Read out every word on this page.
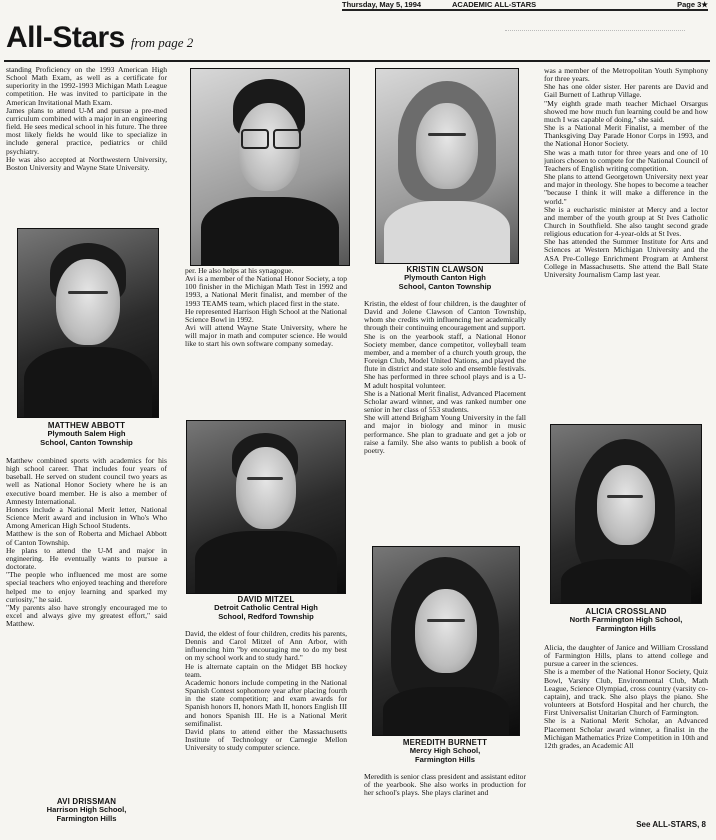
Thursday, May 5, 1994	ACADEMIC ALL-STARS	Page 3★
All-Stars from page 2
standing Proficiency on the 1993 American High School Math Exam, as well as a certificate for superiority in the 1992-1993 Michigan Math League competition. He was invited to participate in the American Invitational Math Exam.
James plans to attend U-M and pursue a pre-med curriculum combined with a major in an engineering field. He sees medical school in his future. The three most likely fields he would like to specialize in include general practice, pediatrics or child psychiatry.
He was also accepted at Northwestern University, Boston University and Wayne State University.
MATTHEW ABBOTT
Plymouth Salem High
School, Canton Township
Matthew combined sports with academics for his high school career. That includes four years of baseball. He served on student council two years as well as National Honor Society where he is an executive board member. He is also a member of Amnesty International.
Honors include a National Merit letter, National Science Merit award and inclusion in Who's Who Among American High School Students.
Matthew is the son of Roberta and Michael Abbott of Canton Township.
He plans to attend the U-M and major in engineering. He eventually wants to pursue a doctorate.
"The people who influenced me most are some special teachers who enjoyed teaching and therefore helped me to enjoy learning and sparked my curiosity," he said.
"My parents also have strongly encouraged me to excel and always give my greatest effort," said Matthew.
AVI DRISSMAN
Harrison High School,
Farmington Hills
per. He also helps at his synagogue.
Avi is a member of the National Honor Society, a top 100 finisher in the Michigan Math Test in 1992 and 1993, a National Merit finalist, and member of the 1993 TEAMS team, which placed first in the state.
He represented Harrison High School at the National Science Bowl in 1992.
Avi will attend Wayne State University, where he will major in math and computer science. He would like to start his own software company someday.
DAVID MITZEL
Detroit Catholic Central High
School, Redford Township
David, the eldest of four children, credits his parents, Dennis and Carol Mitzel of Ann Arbor, with influencing him "by encouraging me to do my best on my school work and to study hard."
He is alternate captain on the Midget BB hockey team.
Academic honors include competing in the National Spanish Contest sophomore year after placing fourth in the state competition; and exam awards for Spanish honors II, honors Math II, honors English III and honors Spanish III. He is a National Merit semifinalist.
David plans to attend either the Massachusetts Institute of Technology or Carnegie Mellon University to study computer science.
KRISTIN CLAWSON
Plymouth Canton High
School, Canton Township
Kristin, the eldest of four children, is the daughter of David and Jolene Clawson of Canton Township, whom she credits with influencing her academically through their continuing encouragement and support.
She is on the yearbook staff, a National Honor Society member, dance competitor, volleyball team member, and a member of a church youth group, the Foreign Club, Model United Nations, and played the flute in district and state solo and ensemble festivals. She has performed in three school plays and is a U-M adult hospital volunteer.
She is a National Merit finalist, Advanced Placement Scholar award winner, and was ranked number one senior in her class of 553 students.
She will attend Brigham Young University in the fall and major in biology and minor in music performance. She plan to graduate and get a job or raise a family. She also wants to publish a book of poetry.
MEREDITH BURNETT
Mercy High School,
Farmington Hills
Meredith is senior class president and assistant editor of the yearbook. She also works in production for her school's plays. She plays clarinet and
was a member of the Metropolitan Youth Symphony for three years.
She has one older sister. Her parents are David and Gail Burnett of Lathrup Village.
"My eighth grade math teacher Michael Orsargus showed me how much fun learning could be and how much I was capable of doing," she said.
She is a National Merit Finalist, a member of the Thanksgiving Day Parade Honor Corps in 1993, and the National Honor Society.
She was a math tutor for three years and one of 10 juniors chosen to compete for the National Council of Teachers of English writing competition.
She plans to attend Georgetown University next year and major in theology. She hopes to become a teacher "because I think it will make a difference in the world."
She is a eucharistic minister at Mercy and a lector and member of the youth group at St Ives Catholic Church in Southfield. She also taught second grade religious education for 4-year-olds at St Ives.
She has attended the Summer Institute for Arts and Sciences at Western Michigan University and the ASA Pre-College Enrichment Program at Amherst College in Massachusetts. She attend the Ball State University Journalism Camp last year.
ALICIA CROSSLAND
North Farmington High School,
Farmington Hills
Alicia, the daughter of Janice and William Crossland of Farmington Hills, plans to attend college and pursue a career in the sciences.
She is a member of the National Honor Society, Quiz Bowl, Varsity Club, Environmental Club, Math League, Science Olympiad, cross country (varsity co-captain), and track. She also plays the piano. She volunteers at Botsford Hospital and her church, the First Universalist Unitarian Church of Farmington.
She is a National Merit Scholar, an Advanced Placement Scholar award winner, a finalist in the Michigan Mathematics Prize Competition in 10th and 12th grades, an Academic All
See ALL-STARS, 8
